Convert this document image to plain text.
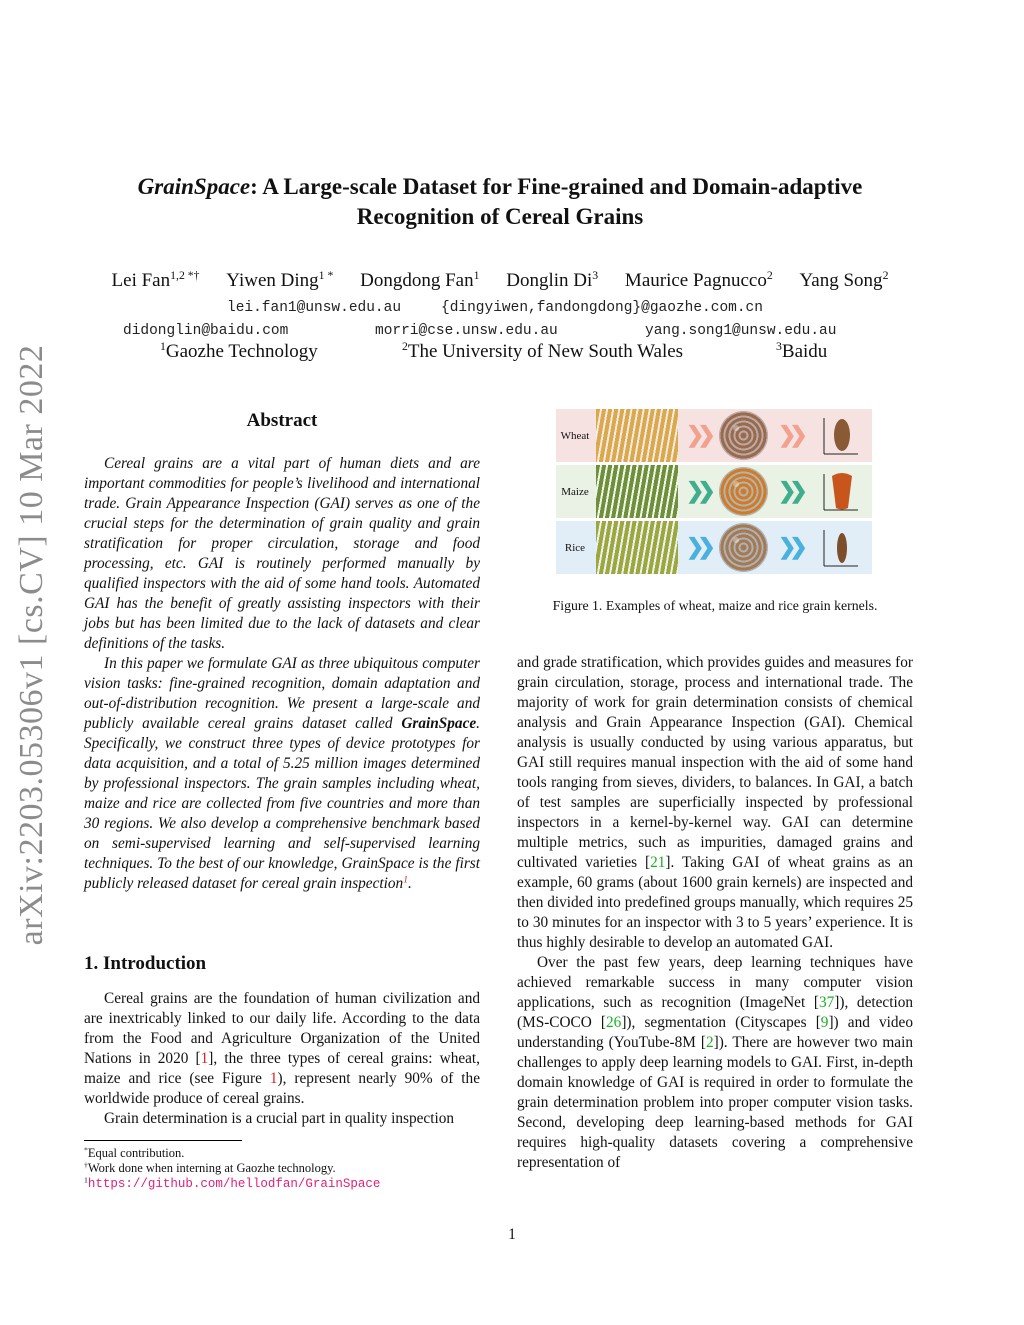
arXiv:2203.05306v1 [cs.CV] 10 Mar 2022
GrainSpace: A Large-scale Dataset for Fine-grained and Domain-adaptive
Recognition of Cereal Grains
Lei Fan$^{1,2 *\dagger}$ Yiwen Ding$^{1 *}$ Dongdong Fan$^1$ Donglin Di$^3$ Maurice Pagnucco$^2$ Yang Song$^2$
lei.fan1@unsw.edu.au	{dingyiwen,fandongdong}@gaozhe.com.cn
didonglin@baidu.com	morri@cse.unsw.edu.au	yang.song1@unsw.edu.au
$^1$Gaozhe Technology	$^2$The University of New South Wales	$^3$Baidu
Abstract

Cereal grains are a vital part of human diets and are important commodities for people’s livelihood and international trade. Grain Appearance Inspection (GAI) serves as one of the crucial steps for the determination of grain quality and grain stratification for proper circulation, storage and food processing, etc. GAI is routinely performed manually by qualified inspectors with the aid of some hand tools. Automated GAI has the benefit of greatly assisting inspectors with their jobs but has been limited due to the lack of datasets and clear definitions of the tasks.

In this paper we formulate GAI as three ubiquitous computer vision tasks: fine-grained recognition, domain adaptation and out-of-distribution recognition. We present a large-scale and publicly available cereal grains dataset called GrainSpace. Specifically, we construct three types of device prototypes for data acquisition, and a total of 5.25 million images determined by professional inspectors. The grain samples including wheat, maize and rice are collected from five countries and more than 30 regions. We also develop a comprehensive benchmark based on semi-supervised learning and self-supervised learning techniques. To the best of our knowledge, GrainSpace is the first publicly released dataset for cereal grain inspection$^1$.

1. Introduction

Cereal grains are the foundation of human civilization and are inextricably linked to our daily life. According to the data from the Food and Agriculture Organization of the United Nations in 2020 [1], the three types of cereal grains: wheat, maize and rice (see Figure 1), represent nearly 90% of the worldwide produce of cereal grains.

Grain determination is a crucial part in quality inspection

*Equal contribution.
†Work done when interning at Gaozhe technology.
$^1$https://github.com/hellodfan/GrainSpace
Wheat	❯❯	❯❯
Maize	❯❯	❯❯
Rice	❯❯	❯❯
Figure 1. Examples of wheat, maize and rice grain kernels.

and grade stratification, which provides guides and measures for grain circulation, storage, process and international trade. The majority of work for grain determination consists of chemical analysis and Grain Appearance Inspection (GAI). Chemical analysis is usually conducted by using various apparatus, but GAI still requires manual inspection with the aid of some hand tools ranging from sieves, dividers, to balances. In GAI, a batch of test samples are superficially inspected by professional inspectors in a kernel-by-kernel way. GAI can determine multiple metrics, such as impurities, damaged grains and cultivated varieties [21]. Taking GAI of wheat grains as an example, 60 grams (about 1600 grain kernels) are inspected and then divided into predefined groups manually, which requires 25 to 30 minutes for an inspector with 3 to 5 years’ experience. It is thus highly desirable to develop an automated GAI.

Over the past few years, deep learning techniques have achieved remarkable success in many computer vision applications, such as recognition (ImageNet [37]), detection (MS-COCO [26]), segmentation (Cityscapes [9]) and video understanding (YouTube-8M [2]). There are however two main challenges to apply deep learning models to GAI. First, in-depth domain knowledge of GAI is required in order to formulate the grain determination problem into proper computer vision tasks. Second, developing deep learning-based methods for GAI requires high-quality datasets covering a comprehensive representation of

1
